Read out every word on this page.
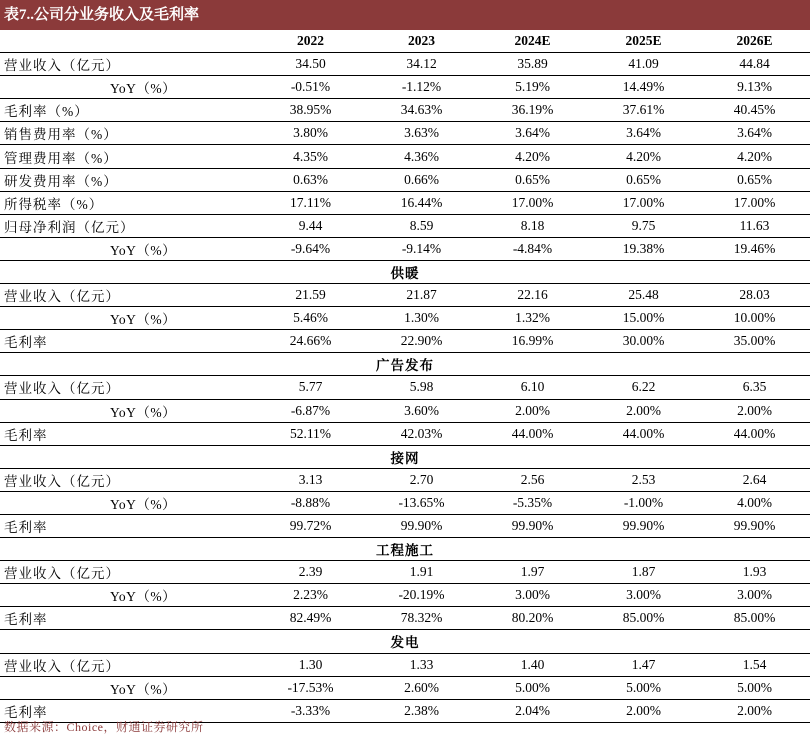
表7..公司分业务收入及毛利率
	2022	2023	2024E	2025E	2026E
营业收入（亿元）	34.50	34.12	35.89	41.09	44.84
YoY（%）	-0.51%	-1.12%	5.19%	14.49%	9.13%
毛利率（%）	38.95%	34.63%	36.19%	37.61%	40.45%
销售费用率（%）	3.80%	3.63%	3.64%	3.64%	3.64%
管理费用率（%）	4.35%	4.36%	4.20%	4.20%	4.20%
研发费用率（%）	0.63%	0.66%	0.65%	0.65%	0.65%
所得税率（%）	17.11%	16.44%	17.00%	17.00%	17.00%
归母净利润（亿元）	9.44	8.59	8.18	9.75	11.63
YoY（%）	-9.64%	-9.14%	-4.84%	19.38%	19.46%
供暖					
营业收入（亿元）	21.59	21.87	22.16	25.48	28.03
YoY（%）	5.46%	1.30%	1.32%	15.00%	10.00%
毛利率	24.66%	22.90%	16.99%	30.00%	35.00%
广告发布					
营业收入（亿元）	5.77	5.98	6.10	6.22	6.35
YoY（%）	-6.87%	3.60%	2.00%	2.00%	2.00%
毛利率	52.11%	42.03%	44.00%	44.00%	44.00%
接网					
营业收入（亿元）	3.13	2.70	2.56	2.53	2.64
YoY（%）	-8.88%	-13.65%	-5.35%	-1.00%	4.00%
毛利率	99.72%	99.90%	99.90%	99.90%	99.90%
工程施工					
营业收入（亿元）	2.39	1.91	1.97	1.87	1.93
YoY（%）	2.23%	-20.19%	3.00%	3.00%	3.00%
毛利率	82.49%	78.32%	80.20%	85.00%	85.00%
发电					
营业收入（亿元）	1.30	1.33	1.40	1.47	1.54
YoY（%）	-17.53%	2.60%	5.00%	5.00%	5.00%
毛利率	-3.33%	2.38%	2.04%	2.00%	2.00%
数据来源：Choice，财通证券研究所
